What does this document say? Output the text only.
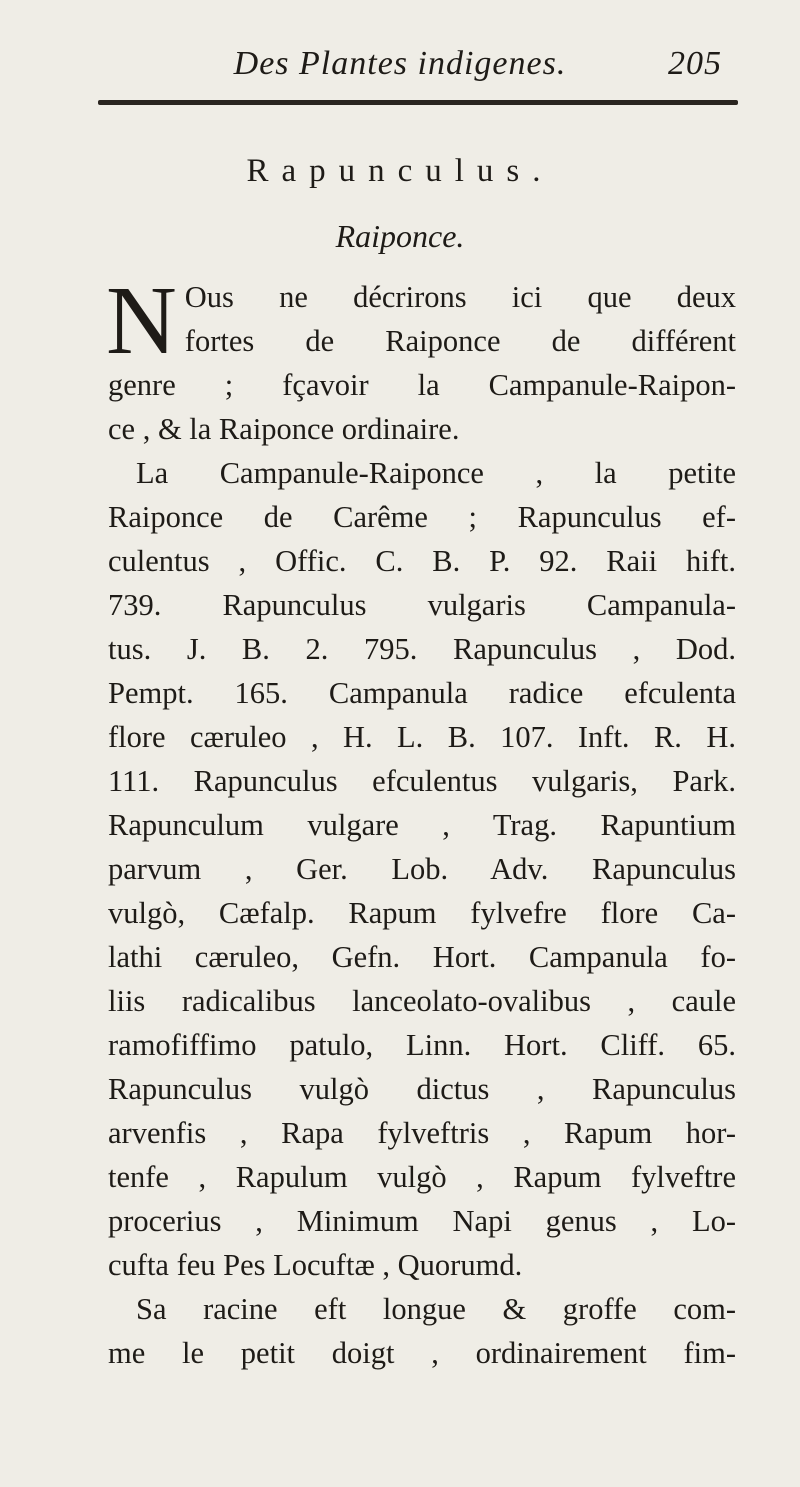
Des Plantes indigenes.	205
Rapunculus.
Raiponce.
N Ous ne décrirons ici que deux
fortes de Raiponce de différent
genre ; fçavoir la Campanule-Raipon-
ce , & la Raiponce ordinaire.
La Campanule-Raiponce , la petite
Raiponce de Carême ; Rapunculus ef-
culentus , Offic. C. B. P. 92. Raii hift.
739. Rapunculus vulgaris Campanula-
tus. J. B. 2. 795. Rapunculus , Dod.
Pempt. 165. Campanula radice efculenta
flore cæruleo , H. L. B. 107. Inft. R. H.
111. Rapunculus efculentus vulgaris, Park.
Rapunculum vulgare , Trag. Rapuntium
parvum , Ger. Lob. Adv. Rapunculus
vulgò, Cæfalp. Rapum fylvefre flore Ca-
lathi cæruleo, Gefn. Hort. Campanula fo-
liis radicalibus lanceolato-ovalibus , caule
ramofiffimo patulo, Linn. Hort. Cliff. 65.
Rapunculus vulgò dictus , Rapunculus
arvenfis , Rapa fylveftris , Rapum hor-
tenfe , Rapulum vulgò , Rapum fylveftre
procerius , Minimum Napi genus , Lo-
cufta feu Pes Locuftæ , Quorumd.
Sa racine eft longue & groffe com-
me le petit doigt , ordinairement fim-
